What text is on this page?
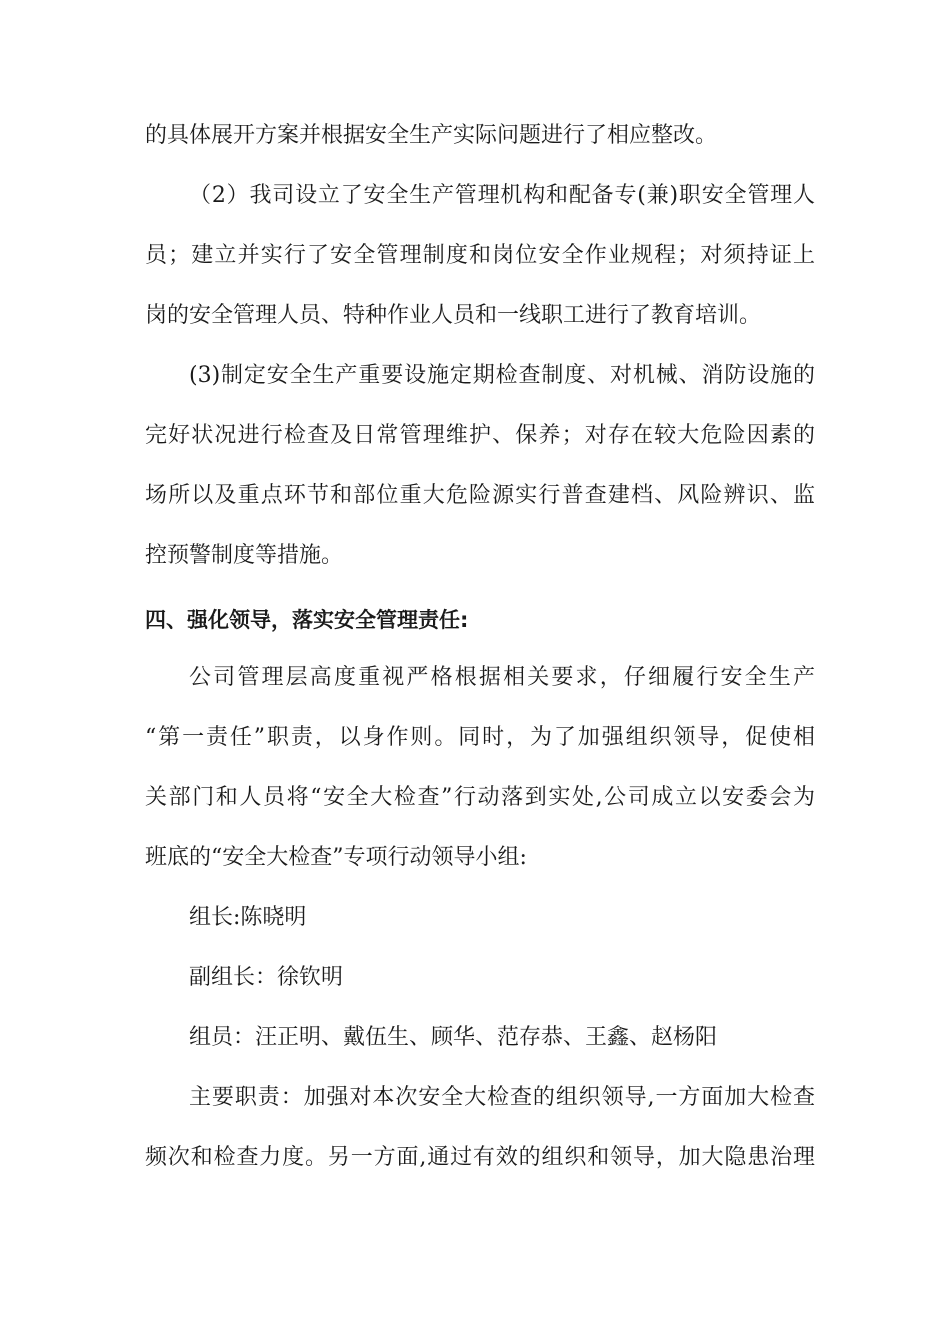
的具体展开方案并根据安全生产实际问题进行了相应整改。
（2）我司设立了安全生产管理机构和配备专(兼)职安全管理人
员；建立并实行了安全管理制度和岗位安全作业规程；对须持证上
岗的安全管理人员、特种作业人员和一线职工进行了教育培训。
(3)制定安全生产重要设施定期检查制度、对机械、消防设施的
完好状况进行检查及日常管理维护、保养；对存在较大危险因素的
场所以及重点环节和部位重大危险源实行普查建档、风险辨识、监
控预警制度等措施。
四、强化领导，落实安全管理责任:
公司管理层高度重视严格根据相关要求，仔细履行安全生产
“第一责任”职责，以身作则。同时，为了加强组织领导，促使相
关部门和人员将“安全大检查”行动落到实处,公司成立以安委会为
班底的“安全大检查”专项行动领导小组:
组长:陈晓明
副组长：徐钦明
组员：汪正明、戴伍生、顾华、范存恭、王鑫、赵杨阳
主要职责：加强对本次安全大检查的组织领导,一方面加大检查
频次和检查力度。另一方面,通过有效的组织和领导，加大隐患治理
